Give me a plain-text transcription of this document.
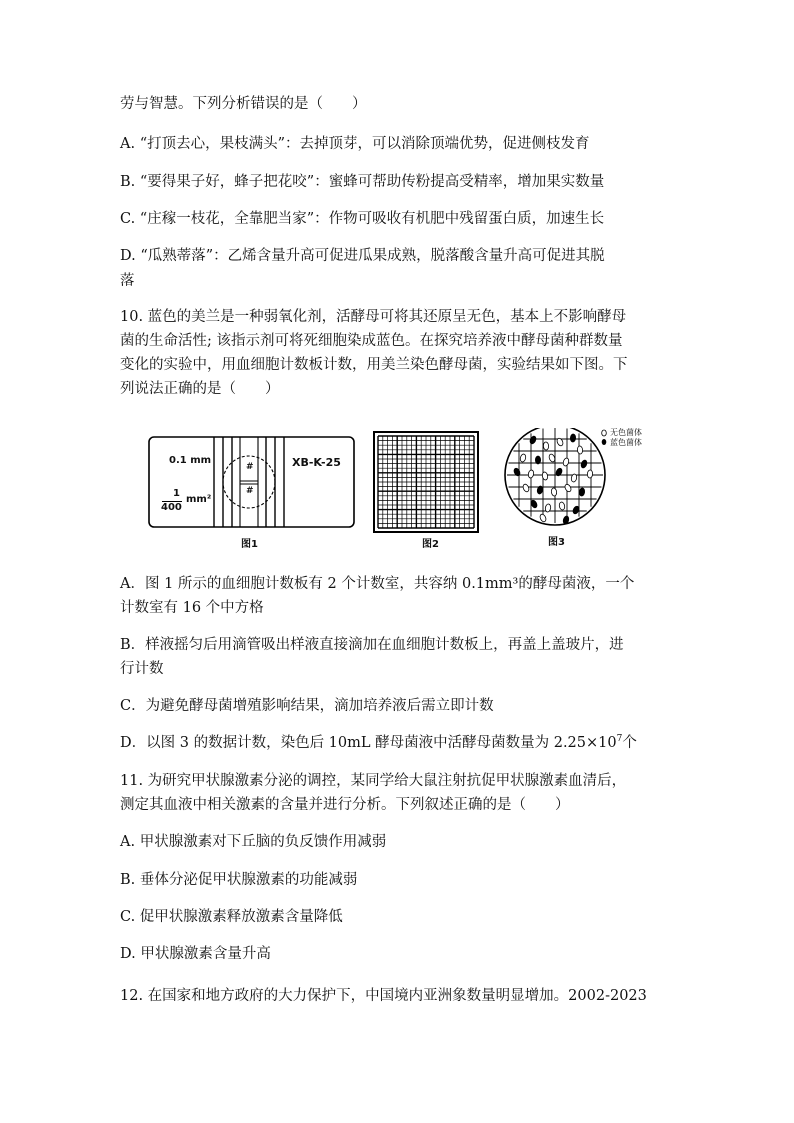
劳与智慧。下列分析错误的是（　　）
A. “打顶去心，果枝满头”：去掉顶芽，可以消除顶端优势，促进侧枝发育
B. “要得果子好，蜂子把花咬”：蜜蜂可帮助传粉提高受精率，增加果实数量
C. “庄稼一枝花，全靠肥当家”：作物可吸收有机肥中残留蛋白质，加速生长
D. “瓜熟蒂落”：乙烯含量升高可促进瓜果成熟，脱落酸含量升高可促进其脱
落
10. 蓝色的美兰是一种弱氧化剂，活酵母可将其还原呈无色，基本上不影响酵母
菌的生命活性; 该指示剂可将死细胞染成蓝色。在探究培养液中酵母菌种群数量
变化的实验中，用血细胞计数板计数，用美兰染色酵母菌，实验结果如下图。下
列说法正确的是（　　）
0.1 mm
1
400
mm²
XB-K-25
#
#
图1	图2	图3
无色菌体
蓝色菌体
A．图 1 所示的血细胞计数板有 2 个计数室，共容纳 0.1mm³的酵母菌液，一个
计数室有 16 个中方格
B．样液摇匀后用滴管吸出样液直接滴加在血细胞计数板上，再盖上盖玻片，进
行计数
C．为避免酵母菌增殖影响结果，滴加培养液后需立即计数
D．以图 3 的数据计数，染色后 10mL 酵母菌液中活酵母菌数量为 $2.25\times 10^7$个
11. 为研究甲状腺激素分泌的调控，某同学给大鼠注射抗促甲状腺激素血清后，
测定其血液中相关激素的含量并进行分析。下列叙述正确的是（　　）
A. 甲状腺激素对下丘脑的负反馈作用减弱
B. 垂体分泌促甲状腺激素的功能减弱
C. 促甲状腺激素释放激素含量降低
D. 甲状腺激素含量升高
12. 在国家和地方政府的大力保护下，中国境内亚洲象数量明显增加。2002-2023
